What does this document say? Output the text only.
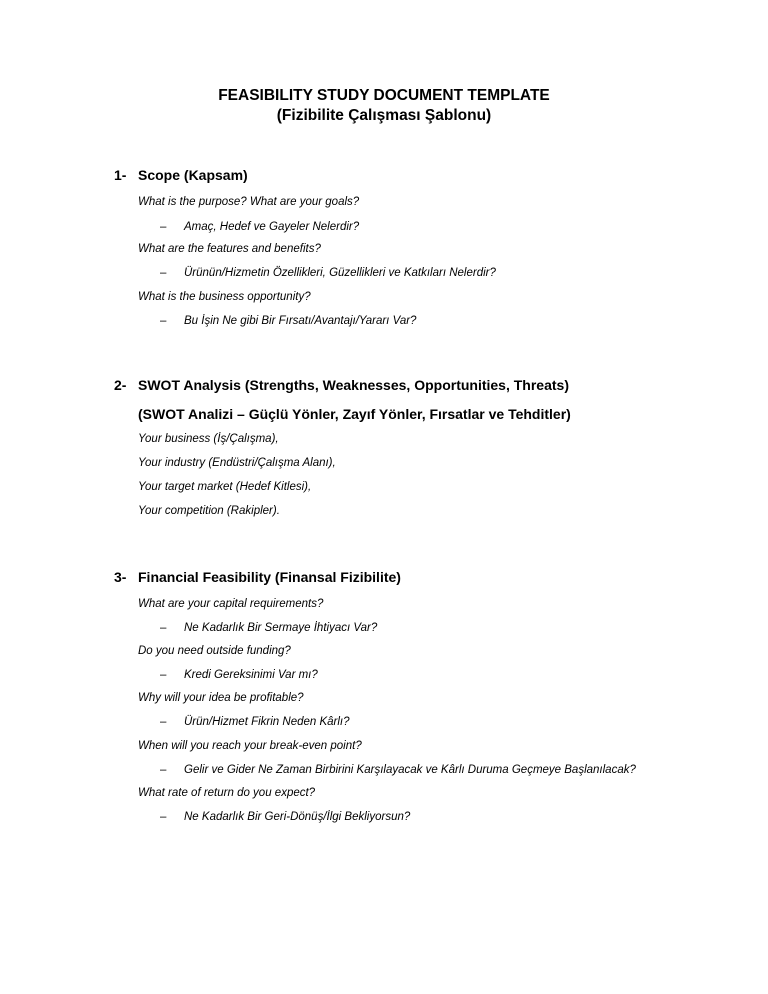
FEASIBILITY STUDY DOCUMENT TEMPLATE
(Fizibilite Çalışması Şablonu)
1- Scope (Kapsam)
What is the purpose? What are your goals?
– Amaç, Hedef ve Gayeler Nelerdir?
What are the features and benefits?
– Ürünün/Hizmetin Özellikleri, Güzellikleri ve Katkıları Nelerdir?
What is the business opportunity?
– Bu İşin Ne gibi Bir Fırsatı/Avantajı/Yararı Var?
2- SWOT Analysis (Strengths, Weaknesses, Opportunities, Threats)
(SWOT Analizi – Güçlü Yönler, Zayıf Yönler, Fırsatlar ve Tehditler)
Your business (İş/Çalışma),
Your industry (Endüstri/Çalışma Alanı),
Your target market (Hedef Kitlesi),
Your competition (Rakipler).
3- Financial Feasibility (Finansal Fizibilite)
What are your capital requirements?
– Ne Kadarlık Bir Sermaye İhtiyacı Var?
Do you need outside funding?
– Kredi Gereksinimi Var mı?
Why will your idea be profitable?
– Ürün/Hizmet Fikrin Neden Kârlı?
When will you reach your break-even point?
– Gelir ve Gider Ne Zaman Birbirini Karşılayacak ve Kârlı Duruma Geçmeye Başlanılacak?
What rate of return do you expect?
– Ne Kadarlık Bir Geri-Dönüş/İlgi Bekliyorsun?
